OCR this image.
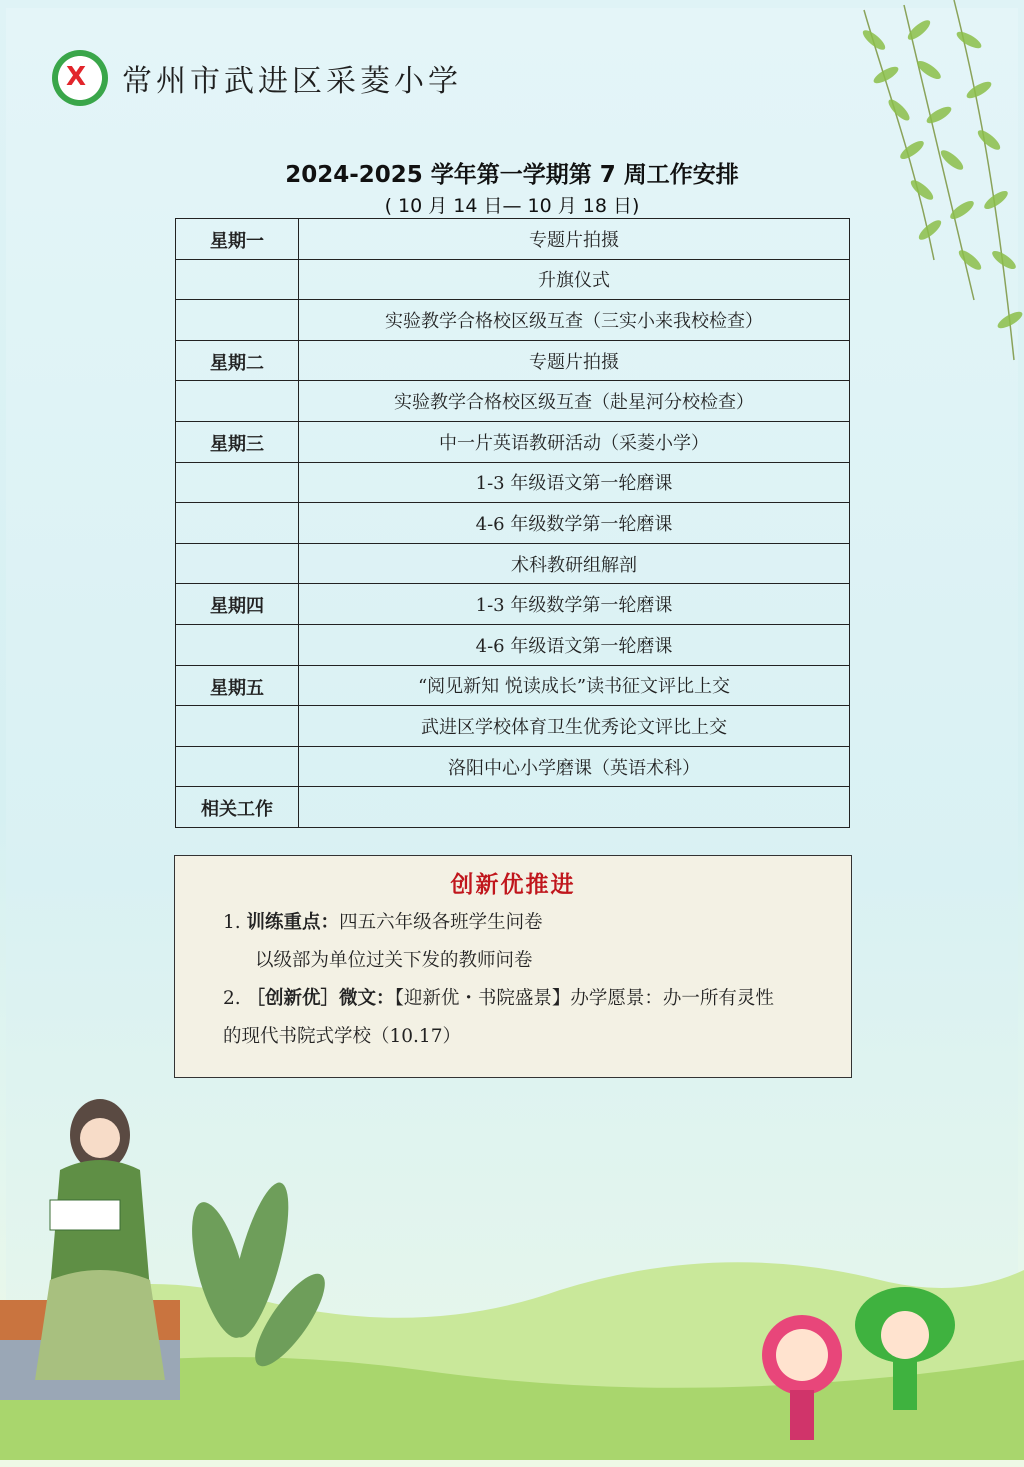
X 常州市武进区采菱小学
2024-2025 学年第一学期第 7 周工作安排
( 10 月 14 日— 10 月 18 日)
星期一	专题片拍摄
	升旗仪式
	实验教学合格校区级互查（三实小来我校检查）
星期二	专题片拍摄
	实验教学合格校区级互查（赴星河分校检查）
星期三	中一片英语教研活动（采菱小学）
	1-3 年级语文第一轮磨课
	4-6 年级数学第一轮磨课
	术科教研组解剖
星期四	1-3 年级数学第一轮磨课
	4-6 年级语文第一轮磨课
星期五	“阅见新知 悦读成长”读书征文评比上交
	武进区学校体育卫生优秀论文评比上交
	洛阳中心小学磨课（英语术科）
相关工作	
创新优推进

1. 训练重点：四五六年级各班学生问卷

以级部为单位过关下发的教师问卷

2. ［创新优］微文：【迎新优・书院盛景】办学愿景：办一所有灵性

的现代书院式学校（10.17）
